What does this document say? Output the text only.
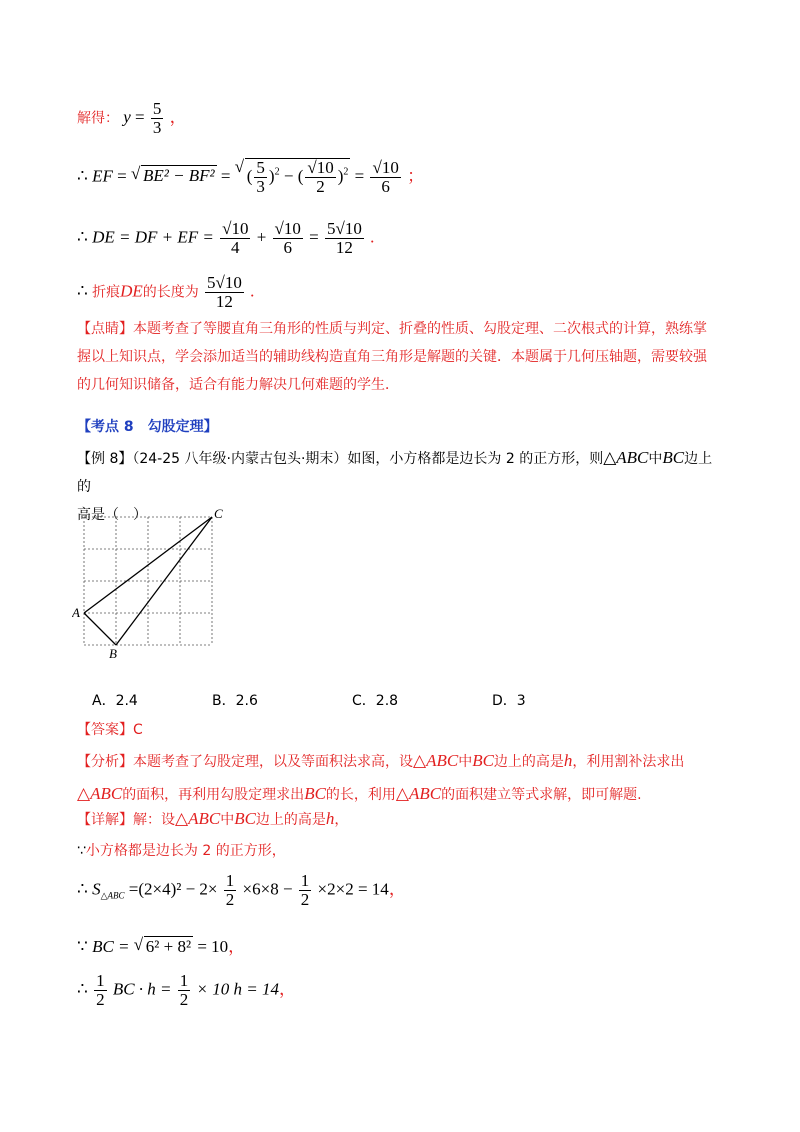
解得： $y = \frac{5}{3}$ ，
∴ EF = √ BE² − BF² = √ ( $\frac{5}{3} )^2$ − ( $\frac{√10}{2} )^2 = \frac{√10}{6}$ ；
∴ DE = DF + EF = $\frac{√10}{4} + \frac{√10}{6} = \frac{5√10}{12}$ .
∴ 折痕DE的长度为 $\frac{5√10}{12}$ .
【点睛】本题考查了等腰直角三角形的性质与判定、折叠的性质、勾股定理、二次根式的计算，熟练掌握以上知识点，学会添加适当的辅助线构造直角三角形是解题的关键．本题属于几何压轴题，需要较强的几何知识储备，适合有能力解决几何难题的学生．
【考点 8　勾股定理】
【例 8】（24-25 八年级·内蒙古包头·期末）如图，小方格都是边长为 2 的正方形，则△ABC中BC边上的
高是（　）
A
B
C
A．2.4	B．2.6	C．2.8	D．3
【答案】C
【分析】本题考查了勾股定理，以及等面积法求高，设△ABC中BC边上的高是h，利用割补法求出△ABC的面积，再利用勾股定理求出BC的长，利用△ABC的面积建立等式求解，即可解题.
【详解】解：设△ABC中BC边上的高是h，
∵小方格都是边长为 2 的正方形，
∴ $S_{\triangle ABC} =(2\times 4)^2 - 2\times \frac{1}{2} \times 6\times 8 - \frac{1}{2} \times 2\times 2 = 14$，
∵ BC = √ 6² + 8² = 10，
∴ $\frac{1}{2}$ BC · $h = \frac{1}{2} \times 10$ h = 14，
